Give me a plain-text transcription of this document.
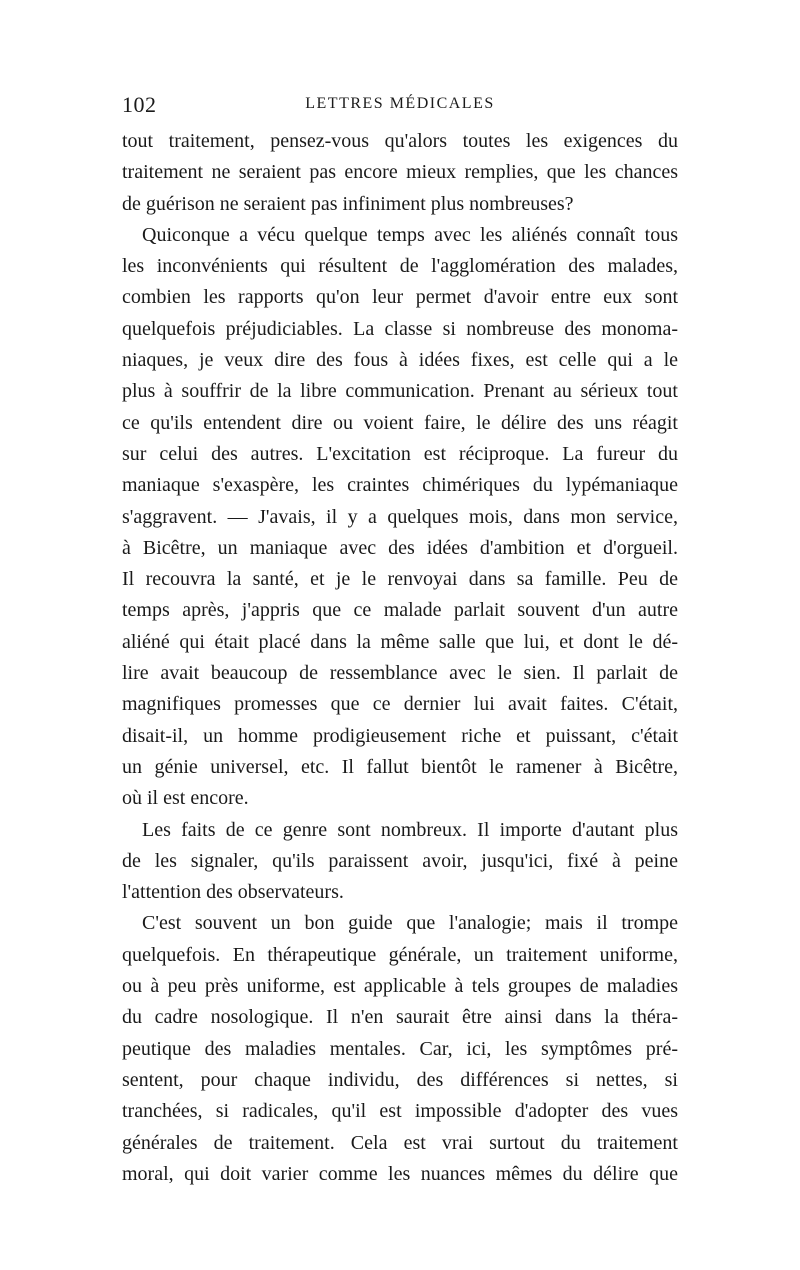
102	LETTRES MÉDICALES
tout traitement, pensez-vous qu'alors toutes les exigences du
traitement ne seraient pas encore mieux remplies, que les chances
de guérison ne seraient pas infiniment plus nombreuses?
Quiconque a vécu quelque temps avec les aliénés connaît tous
les inconvénients qui résultent de l'agglomération des malades,
combien les rapports qu'on leur permet d'avoir entre eux sont
quelquefois préjudiciables. La classe si nombreuse des monoma-
niaques, je veux dire des fous à idées fixes, est celle qui a le
plus à souffrir de la libre communication. Prenant au sérieux tout
ce qu'ils entendent dire ou voient faire, le délire des uns réagit
sur celui des autres. L'excitation est réciproque. La fureur du
maniaque s'exaspère, les craintes chimériques du lypémaniaque
s'aggravent. — J'avais, il y a quelques mois, dans mon service,
à Bicêtre, un maniaque avec des idées d'ambition et d'orgueil.
Il recouvra la santé, et je le renvoyai dans sa famille. Peu de
temps après, j'appris que ce malade parlait souvent d'un autre
aliéné qui était placé dans la même salle que lui, et dont le dé-
lire avait beaucoup de ressemblance avec le sien. Il parlait de
magnifiques promesses que ce dernier lui avait faites. C'était,
disait-il, un homme prodigieusement riche et puissant, c'était
un génie universel, etc. Il fallut bientôt le ramener à Bicêtre,
où il est encore.
Les faits de ce genre sont nombreux. Il importe d'autant plus
de les signaler, qu'ils paraissent avoir, jusqu'ici, fixé à peine
l'attention des observateurs.
C'est souvent un bon guide que l'analogie; mais il trompe
quelquefois. En thérapeutique générale, un traitement uniforme,
ou à peu près uniforme, est applicable à tels groupes de maladies
du cadre nosologique. Il n'en saurait être ainsi dans la théra-
peutique des maladies mentales. Car, ici, les symptômes pré-
sentent, pour chaque individu, des différences si nettes, si
tranchées, si radicales, qu'il est impossible d'adopter des vues
générales de traitement. Cela est vrai surtout du traitement
moral, qui doit varier comme les nuances mêmes du délire que
